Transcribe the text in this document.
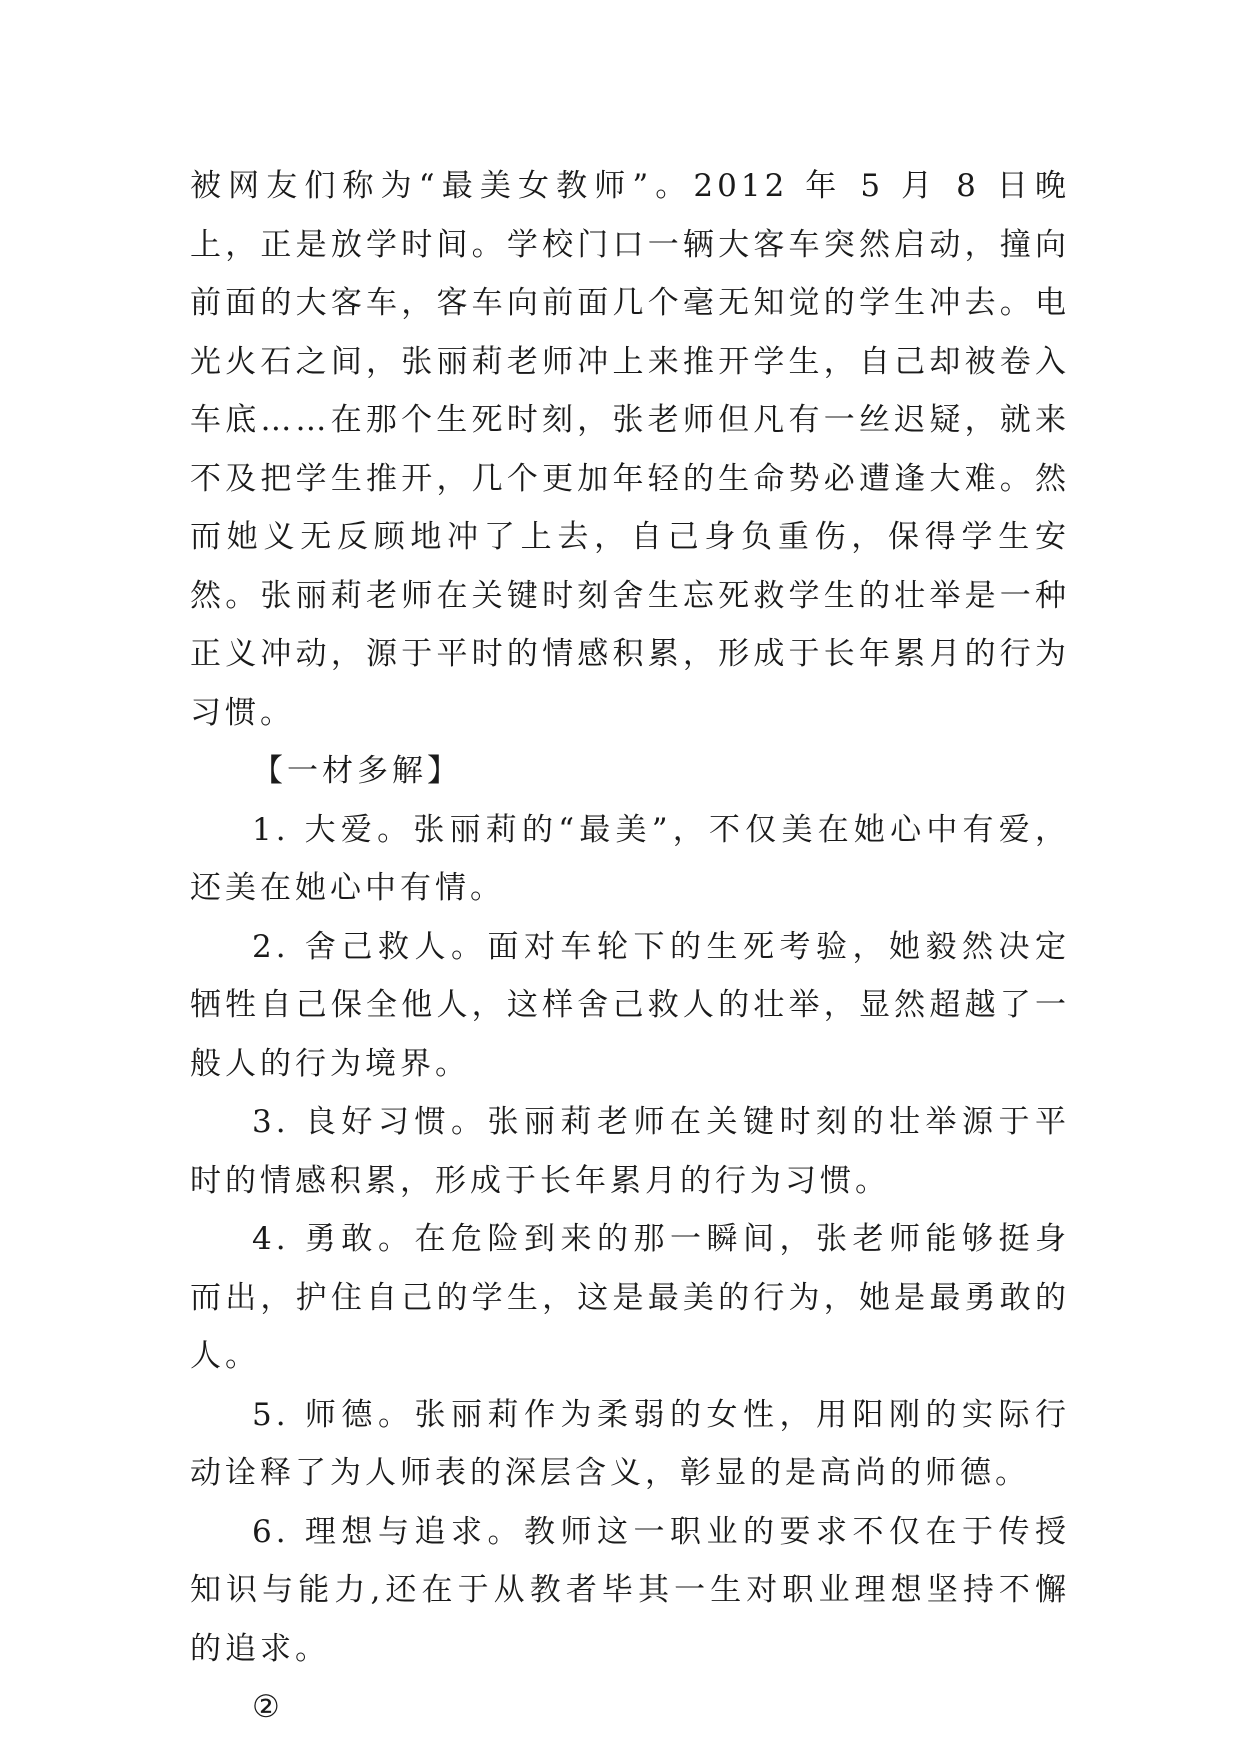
被网友们称为“最美女教师”。2012 年 5 月 8 日晚上，正是放学时间。学校门口一辆大客车突然启动，撞向前面的大客车，客车向前面几个毫无知觉的学生冲去。电光火石之间，张丽莉老师冲上来推开学生，自己却被卷入车底……在那个生死时刻，张老师但凡有一丝迟疑，就来不及把学生推开，几个更加年轻的生命势必遭逢大难。然而她义无反顾地冲了上去，自己身负重伤，保得学生安然。张丽莉老师在关键时刻舍生忘死救学生的壮举是一种正义冲动，源于平时的情感积累，形成于长年累月的行为习惯。

【一材多解】

1. 大爱。张丽莉的“最美”，不仅美在她心中有爱，还美在她心中有情。

2. 舍己救人。面对车轮下的生死考验，她毅然决定牺牲自己保全他人，这样舍己救人的壮举，显然超越了一般人的行为境界。

3. 良好习惯。张丽莉老师在关键时刻的壮举源于平时的情感积累，形成于长年累月的行为习惯。

4. 勇敢。在危险到来的那一瞬间，张老师能够挺身而出，护住自己的学生，这是最美的行为，她是最勇敢的人。

5. 师德。张丽莉作为柔弱的女性，用阳刚的实际行动诠释了为人师表的深层含义，彰显的是高尚的师德。

6. 理想与追求。教师这一职业的要求不仅在于传授知识与能力,还在于从教者毕其一生对职业理想坚持不懈的追求。

②
